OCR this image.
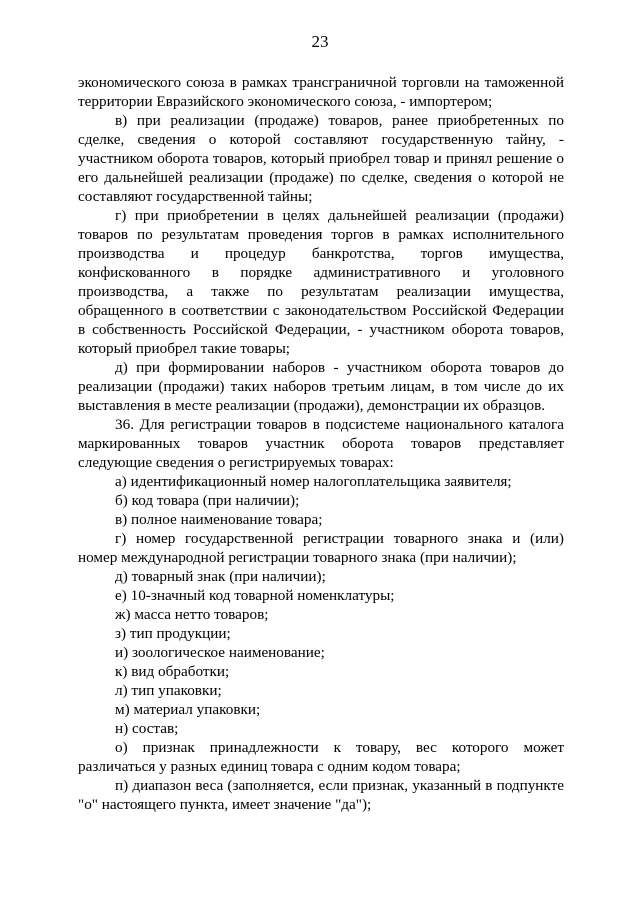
23

экономического союза в рамках трансграничной торговли на таможенной территории Евразийского экономического союза, - импортером;

в) при реализации (продаже) товаров, ранее приобретенных по сделке, сведения о которой составляют государственную тайну, - участником оборота товаров, который приобрел товар и принял решение о его дальнейшей реализации (продаже) по сделке, сведения о которой не составляют государственной тайны;

г) при приобретении в целях дальнейшей реализации (продажи) товаров по результатам проведения торгов в рамках исполнительного производства и процедур банкротства, торгов имущества, конфискованного в порядке административного и уголовного производства, а также по результатам реализации имущества, обращенного в соответствии с законодательством Российской Федерации в собственность Российской Федерации, - участником оборота товаров, который приобрел такие товары;

д) при формировании наборов - участником оборота товаров до реализации (продажи) таких наборов третьим лицам, в том числе до их выставления в месте реализации (продажи), демонстрации их образцов.

36. Для регистрации товаров в подсистеме национального каталога маркированных товаров участник оборота товаров представляет следующие сведения о регистрируемых товарах:

а) идентификационный номер налогоплательщика заявителя;

б) код товара (при наличии);

в) полное наименование товара;

г) номер государственной регистрации товарного знака и (или) номер международной регистрации товарного знака (при наличии);

д) товарный знак (при наличии);

е) 10-значный код товарной номенклатуры;

ж) масса нетто товаров;

з) тип продукции;

и) зоологическое наименование;

к) вид обработки;

л) тип упаковки;

м) материал упаковки;

н) состав;

о) признак принадлежности к товару, вес которого может различаться у разных единиц товара с одним кодом товара;

п) диапазон веса (заполняется, если признак, указанный в подпункте "о" настоящего пункта, имеет значение "да");
